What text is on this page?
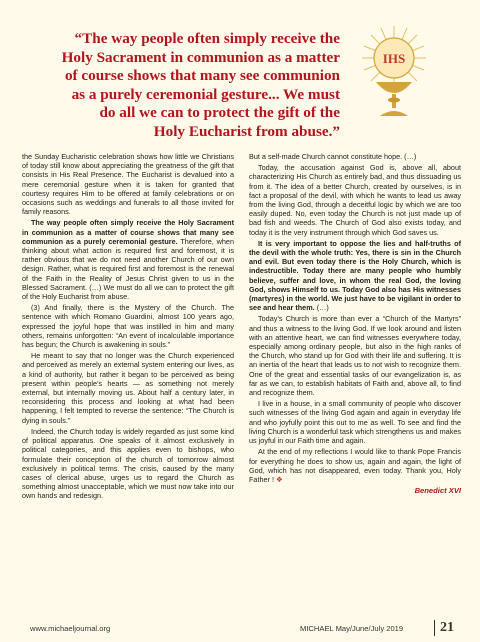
“The way people often simply receive the
Holy Sacrament in communion as a matter
of course shows that many see communion
as a purely ceremonial gesture... We must
do all we can to protect the gift of the
Holy Eucharist from abuse.”
IHS

the Sunday Eucharistic celebration shows how little we Christians of today still know about appreciating the greatness of the gift that consists in His Real Presence. The Eucharist is devalued into a mere ceremonial gesture when it is taken for granted that courtesy requires Him to be offered at family celebrations or on occasions such as weddings and funerals to all those invited for family reasons.

The way people often simply receive the Holy Sacrament in communion as a matter of course shows that many see communion as a purely ceremonial gesture. Therefore, when thinking about what action is required first and foremost, it is rather obvious that we do not need another Church of our own design. Rather, what is required first and foremost is the renewal of the Faith in the Reality of Jesus Christ given to us in the Blessed Sacrament. (…) We must do all we can to protect the gift of the Holy Eucharist from abuse.

(3) And finally, there is the Mystery of the Church. The sentence with which Romano Guardini, almost 100 years ago, expressed the joyful hope that was instilled in him and many others, remains unforgotten: “An event of incalculable importance has begun; the Church is awakening in souls.”

He meant to say that no longer was the Church experienced and perceived as merely an external system entering our lives, as a kind of authority, but rather it began to be perceived as being present within people’s hearts — as something not merely external, but internally moving us. About half a century later, in reconsidering this process and looking at what had been happening, I felt tempted to reverse the sentence: “The Church is dying in souls.”

Indeed, the Church today is widely regarded as just some kind of political apparatus. One speaks of it almost exclusively in political categories, and this applies even to bishops, who formulate their conception of the church of tomorrow almost exclusively in political terms. The crisis, caused by the many cases of clerical abuse, urges us to regard the Church as something almost unacceptable, which we must now take into our own hands and redesign.

But a self-made Church cannot constitute hope. (…)

Today, the accusation against God is, above all, about characterizing His Church as entirely bad, and thus dissuading us from it. The idea of a better Church, created by ourselves, is in fact a proposal of the devil, with which he wants to lead us away from the living God, through a deceitful logic by which we are too easily duped. No, even today the Church is not just made up of bad fish and weeds. The Church of God also exists today, and today it is the very instrument through which God saves us.

It is very important to oppose the lies and half-truths of the devil with the whole truth: Yes, there is sin in the Church and evil. But even today there is the Holy Church, which is indestructible. Today there are many people who humbly believe, suffer and love, in whom the real God, the loving God, shows Himself to us. Today God also has His witnesses (martyres) in the world. We just have to be vigilant in order to see and hear them. (…)

Today’s Church is more than ever a “Church of the Martyrs” and thus a witness to the living God. If we look around and listen with an attentive heart, we can find witnesses everywhere today, especially among ordinary people, but also in the high ranks of the Church, who stand up for God with their life and suffering. It is an inertia of the heart that leads us to not wish to recognize them. One of the great and essential tasks of our evangelization is, as far as we can, to establish habitats of Faith and, above all, to find and recognize them.

I live in a house, in a small community of people who discover such witnesses of the living God again and again in everyday life and who joyfully point this out to me as well. To see and find the living Church is a wonderful task which strengthens us and makes us joyful in our Faith time and again.

At the end of my reflections I would like to thank Pope Francis for everything he does to show us, again and again, the light of God, which has not disappeared, even today. Thank you, Holy Father ! ❖

Benedict XVI
www.michaeljournal.org	MICHAEL May/June/July 2019	21
